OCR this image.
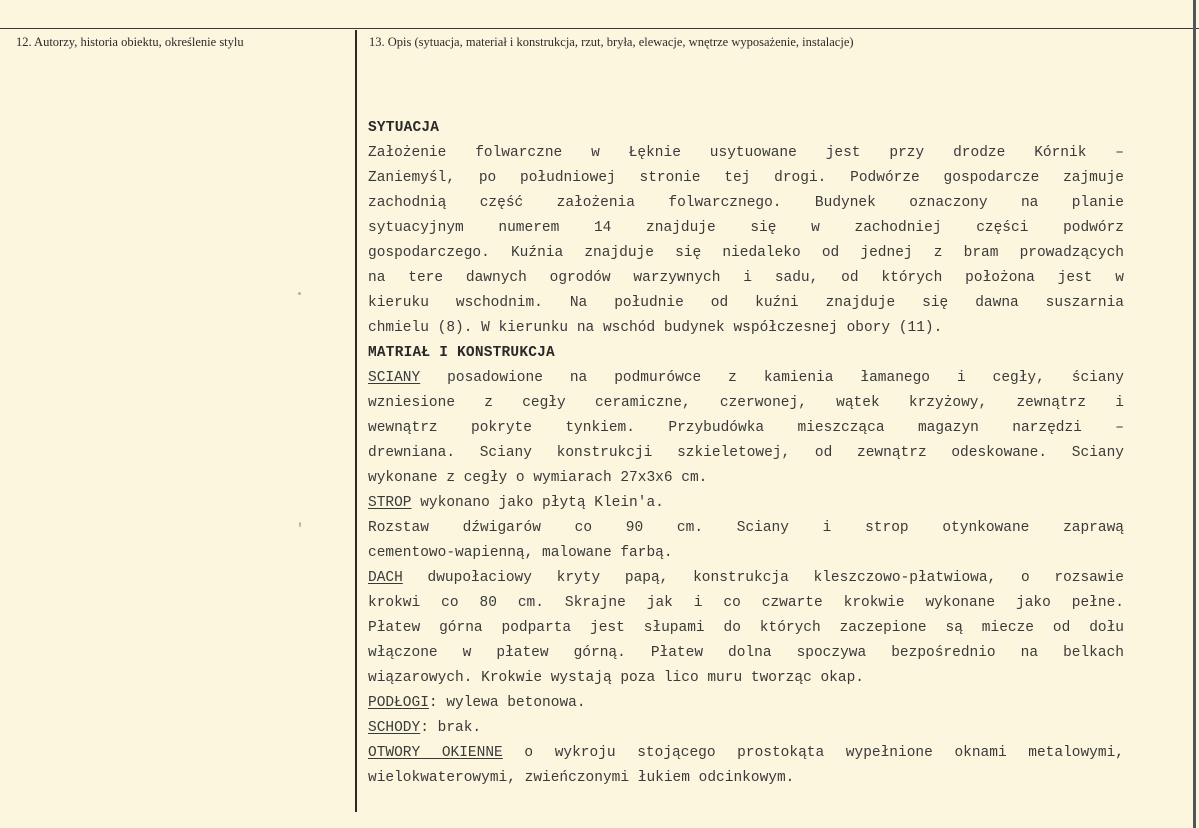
12. Autorzy, historia obiektu, określenie stylu	13. Opis (sytuacja, materiał i konstrukcja, rzut, bryła, elewacje, wnętrze wyposażenie, instalacje)
SYTUACJA
Założenie folwarczne w Łęknie usytuowane jest przy drodze Kórnik –
Zaniemyśl, po południowej stronie tej drogi. Podwórze gospodarcze zajmuje
zachodnią część założenia folwarcznego. Budynek oznaczony na planie
sytuacyjnym numerem 14 znajduje się w zachodniej części podwórz
gospodarczego. Kuźnia znajduje się niedaleko od jednej z bram prowadzących
na tere dawnych ogrodów warzywnych i sadu, od których położona jest w
kieruku wschodnim. Na południe od kuźni znajduje się dawna suszarnia
chmielu (8). W kierunku na wschód budynek współczesnej obory (11).
MATRIAŁ I KONSTRUKCJA
SCIANY posadowione na podmurówce z kamienia łamanego i cegły, ściany
wzniesione z cegły ceramiczne, czerwonej, wątek krzyżowy, zewnątrz i
wewnątrz pokryte tynkiem. Przybudówka mieszcząca magazyn narzędzi –
drewniana. Sciany konstrukcji szkieletowej, od zewnątrz odeskowane. Sciany
wykonane z cegły o wymiarach 27x3x6 cm.
STROP wykonano jako płytą Klein'a.
Rozstaw dźwigarów co 90 cm. Sciany i strop otynkowane zaprawą
cementowo-wapienną, malowane farbą.
DACH dwupołaciowy kryty papą, konstrukcja kleszczowo-płatwiowa, o rozsawie
krokwi co 80 cm. Skrajne jak i co czwarte krokwie wykonane jako pełne.
Płatew górna podparta jest słupami do których zaczepione są miecze od dołu
włączone w płatew górną. Płatew dolna spoczywa bezpośrednio na belkach
wiązarowych. Krokwie wystają poza lico muru tworząc okap.
PODŁOGI: wylewa betonowa.
SCHODY: brak.
OTWORY OKIENNE o wykroju stojącego prostokąta wypełnione oknami metalowymi,
wielokwaterowymi, zwieńczonymi łukiem odcinkowym.
